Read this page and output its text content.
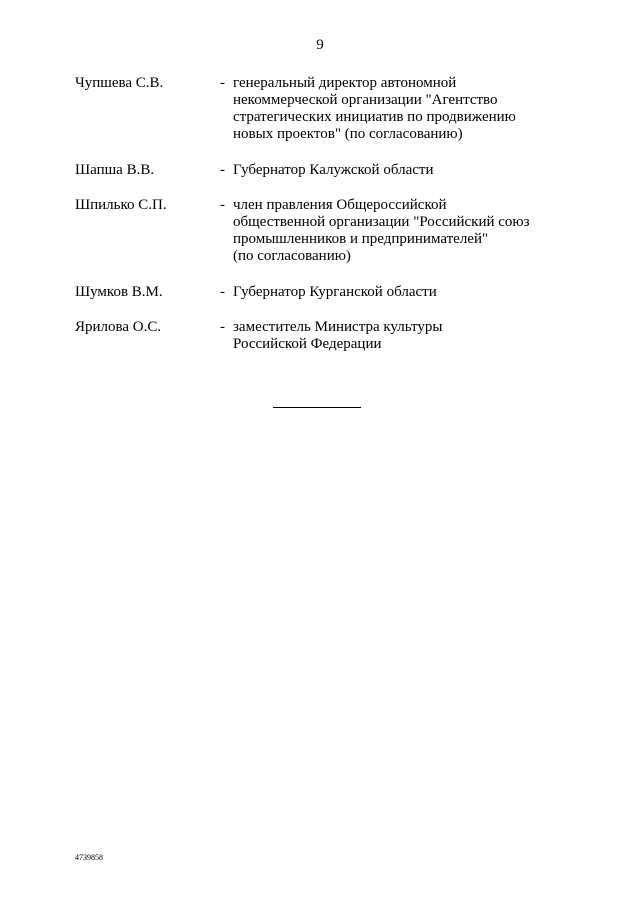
9
Чупшева С.В.	- генеральный директор автономной
некоммерческой организации "Агентство
стратегических инициатив по продвижению
новых проектов" (по согласованию)
Шапша В.В.	- Губернатор Калужской области
Шпилько С.П.	- член правления Общероссийской
общественной организации "Российский союз
промышленников и предпринимателей"
(по согласованию)
Шумков В.М.	- Губернатор Курганской области
Ярилова О.С.	- заместитель Министра культуры
Российской Федерации
4739858
